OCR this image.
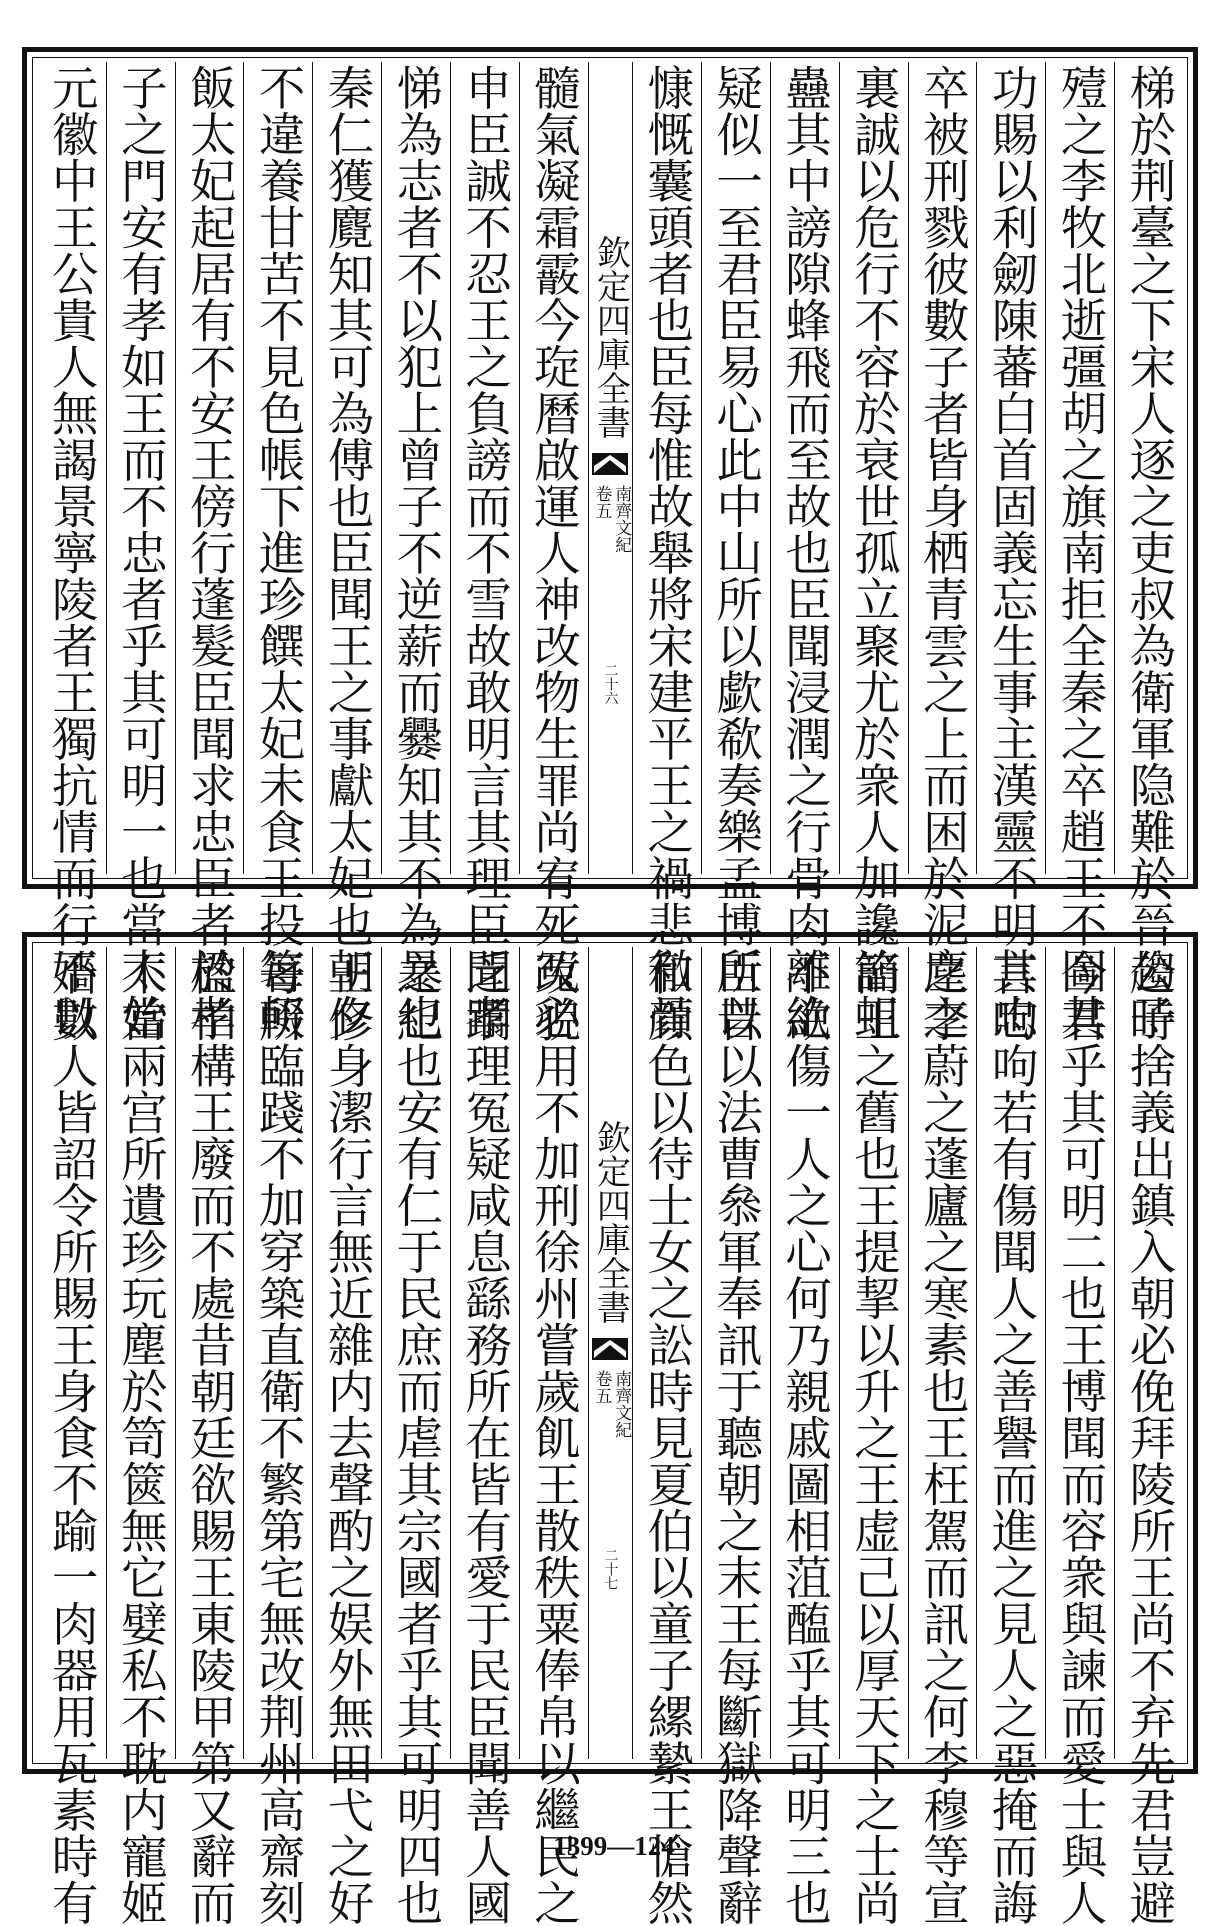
梯於荆臺之下宋人逐之吏叔為衛軍隐難於晉公子
殪之李牧北逝彊胡之旗南拒全秦之卒趙王不圖其
功賜以利劒陳蕃白首固義忘生事主漢靈不明其忠
卒被刑戮彼數子者皆身栖青雲之上而困於泥塵之
裏誠以危行不容於衰世孤立聚尤於衆人加讒諂蛆
蠱其中謗隙蜂飛而至故也臣聞浸潤之行骨肉離絶
疑似一至君臣易心此中山所以歔欷奏樂孟博所以
慷慨囊頭者也臣每惟故舉將宋建平王之禍悲徹骨
欽定四庫全書
南齊文紀
卷五
二十六
髓氣凝霜霰今琁曆啟運人神改物生罪尚宥死冤必
申臣誠不忍王之負謗而不雪故敢明言其理臣聞孝
悌為志者不以犯上曾子不逆薪而爨知其不為暴也
秦仁獲麑知其可為傅也臣聞王之事獻太妃也朝夕
不違養甘苦不見色帳下進珍饌太妃未食王投箸輟
飯太妃起居有不安王傍行蓬髮臣聞求忠臣者於孝
子之門安有孝如王而不忠者乎其可明一也當太始
元徽中王公貴人無謁景寧陵者王獨抗情而行不以
趨時捨義出鎮入朝必俛拜陵所王尚不弃先君豈避
今君乎其可明二也王博聞而容衆與諫而愛士與人
言呴呴若有傷聞人之善譽而進之見人之惡掩而誨
之李蔚之蓬廬之寒素也王枉駕而訊之何李穆等宣
簡王之舊也王提挈以升之王虚己以厚天下之士尚
不欲傷一人之心何乃親戚圖相菹醢乎其可明三也
臣昔以法曹叅軍奉訊于聽朝之末王每斷獄降聲辭
和顔色以待士女之訟時見夏伯以童子縲縶王愴然
欽定四庫全書
南齊文紀
卷五
二十七
改貌用不加刑徐州嘗歲飢王散秩粟俸帛以繼民之
乏躢理冤疑咸息繇務所在皆有愛于民臣聞善人國
之紀也安有仁于民庶而虐其宗國者乎其可明四也
王修身潔行言無近雜内去聲酌之娱外無田弋之好
每所臨踐不加穿築直衛不繁第宅無改荆州高齋刻
楹柏構王廢而不處昔朝廷欲賜王東陵甲第又辭而
不當兩宫所遺珍玩塵於笥篋無它嬖私不耽内寵姬
嬙數人皆詔令所賜王身食不踰一肉器用瓦素時有	1399—124
